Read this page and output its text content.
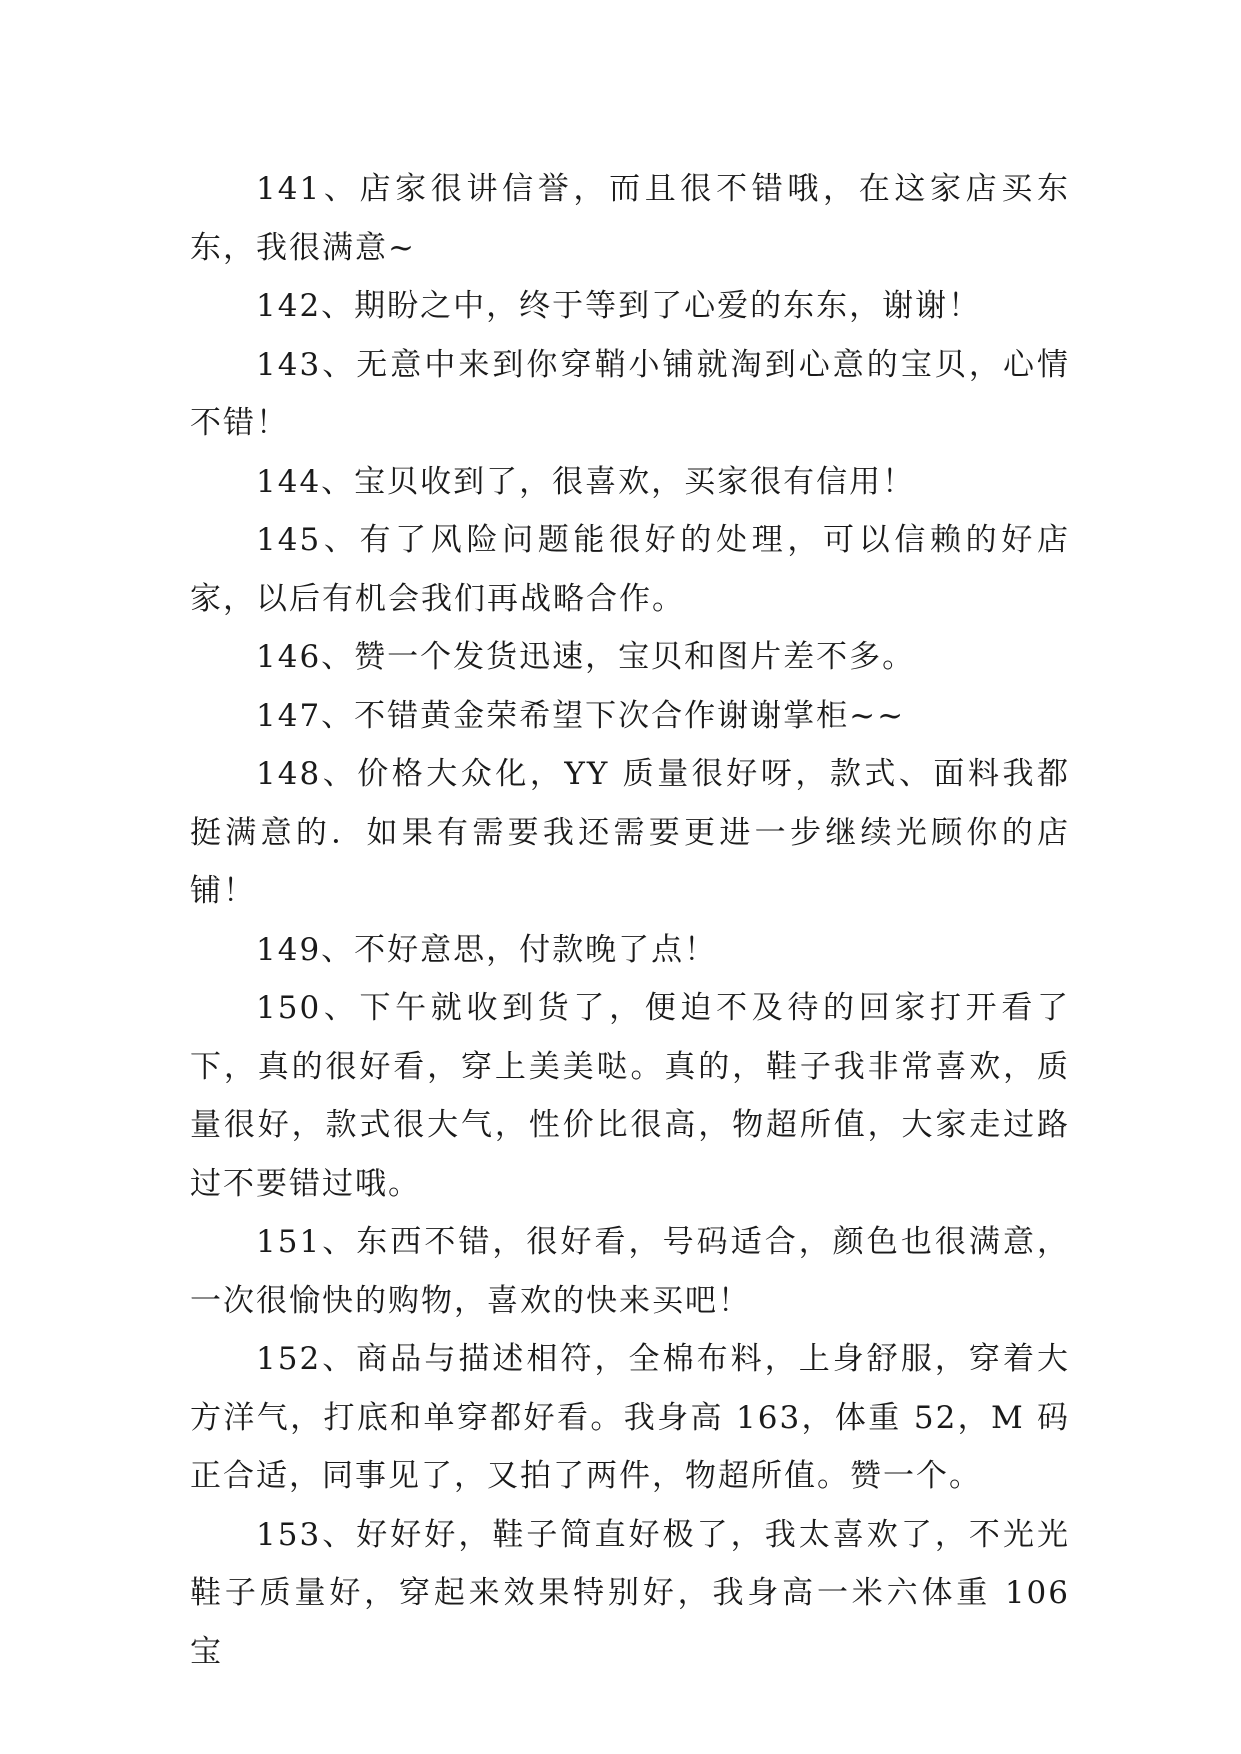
141、店家很讲信誉，而且很不错哦，在这家店买东东，我很满意~

142、期盼之中，终于等到了心爱的东东，谢谢！

143、无意中来到你穿鞘小铺就淘到心意的宝贝，心情不错！

144、宝贝收到了，很喜欢，买家很有信用！

145、有了风险问题能很好的处理，可以信赖的好店家，以后有机会我们再战略合作。

146、赞一个发货迅速，宝贝和图片差不多。

147、不错黄金荣希望下次合作谢谢掌柜~~

148、价格大众化，YY 质量很好呀，款式、面料我都挺满意的．如果有需要我还需要更进一步继续光顾你的店铺！

149、不好意思，付款晚了点！

150、下午就收到货了，便迫不及待的回家打开看了下，真的很好看，穿上美美哒。真的，鞋子我非常喜欢，质量很好，款式很大气，性价比很高，物超所值，大家走过路过不要错过哦。

151、东西不错，很好看，号码适合，颜色也很满意，一次很愉快的购物，喜欢的快来买吧！

152、商品与描述相符，全棉布料，上身舒服，穿着大方洋气，打底和单穿都好看。我身高 163，体重 52，M 码正合适，同事见了，又拍了两件，物超所值。赞一个。

153、好好好，鞋子简直好极了，我太喜欢了，不光光鞋子质量好，穿起来效果特别好，我身高一米六体重 106 宝
